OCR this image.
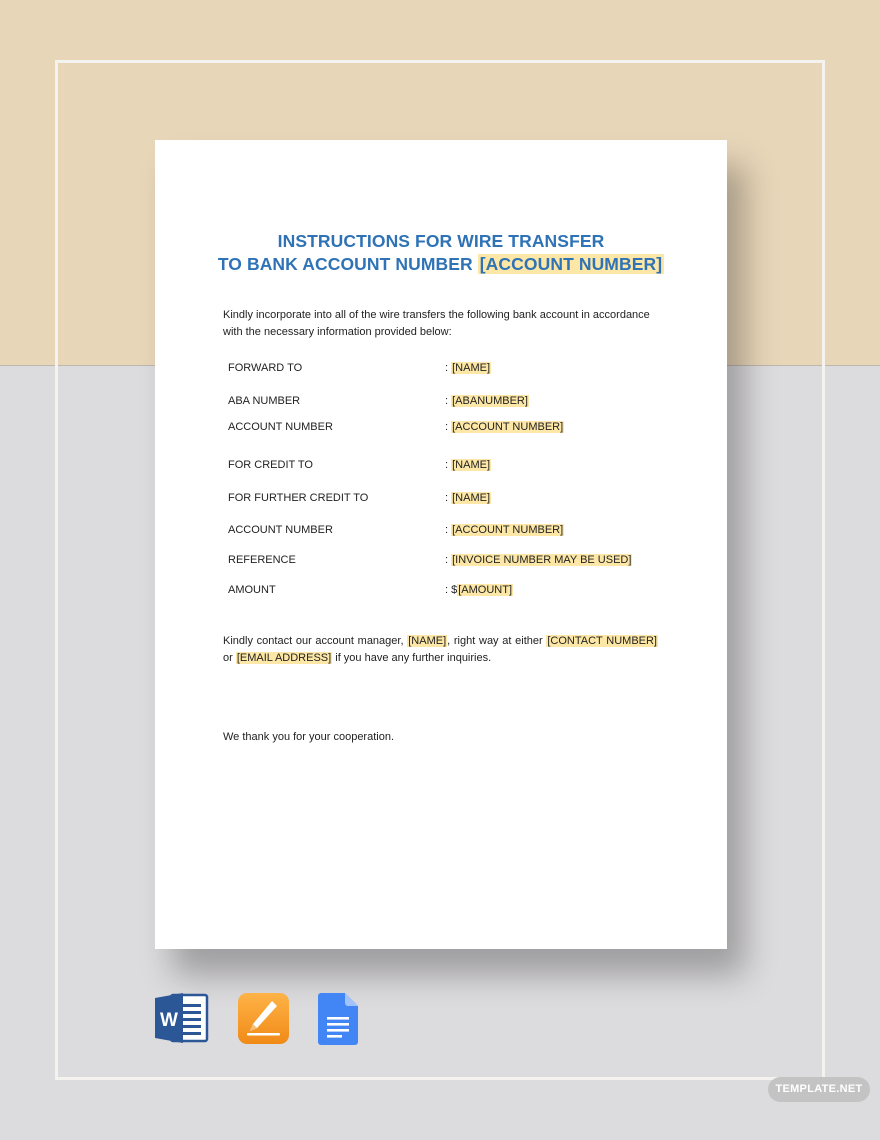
INSTRUCTIONS FOR WIRE TRANSFER
TO BANK ACCOUNT NUMBER [ACCOUNT NUMBER]
Kindly incorporate into all of the wire transfers the following bank account in accordance with the necessary information provided below:
FORWARD TO	: [NAME]
ABA NUMBER	: [ABANUMBER]
ACCOUNT NUMBER	: [ACCOUNT NUMBER]
FOR CREDIT TO	: [NAME]
FOR FURTHER CREDIT TO	: [NAME]
ACCOUNT NUMBER	: [ACCOUNT NUMBER]
REFERENCE	: [INVOICE NUMBER MAY BE USED]
AMOUNT	: $[AMOUNT]
Kindly contact our account manager, [NAME], right way at either [CONTACT NUMBER] or [EMAIL ADDRESS] if you have any further inquiries.
We thank you for your cooperation.
W
TEMPLATE.NET
